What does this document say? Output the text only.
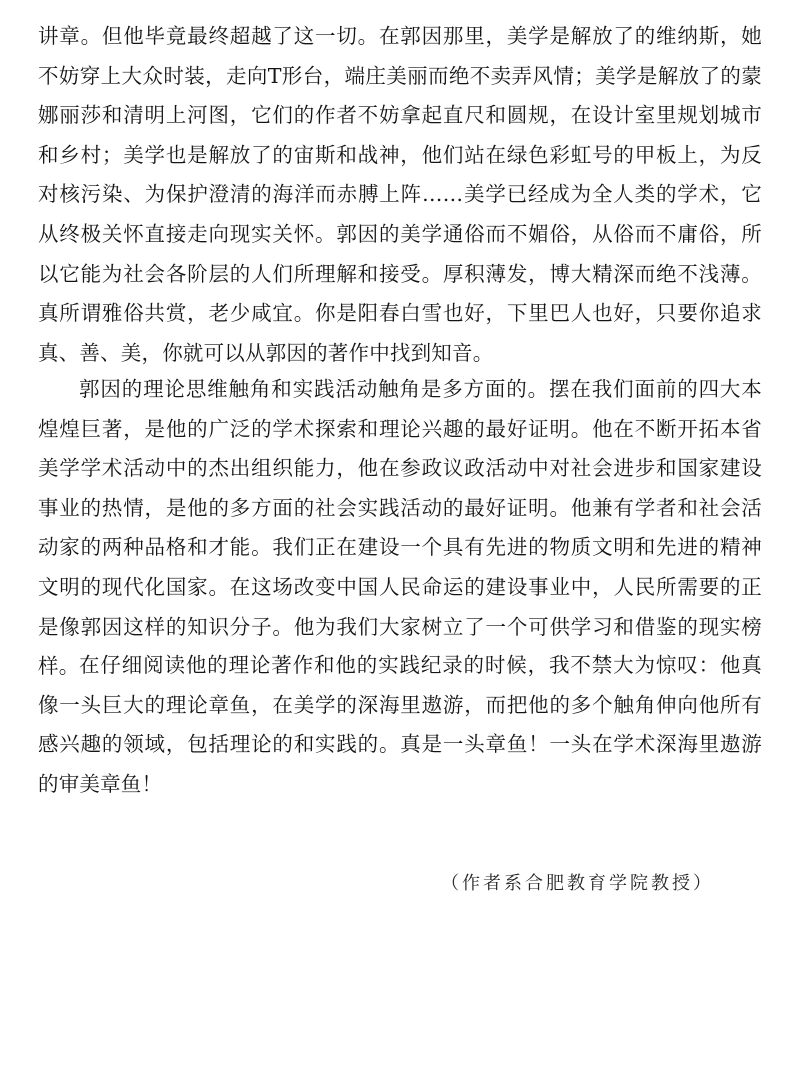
讲章。但他毕竟最终超越了这一切。在郭因那里，美学是解放了的维纳斯，她不妨穿上大众时装，走向T形台，端庄美丽而绝不卖弄风情；美学是解放了的蒙娜丽莎和清明上河图，它们的作者不妨拿起直尺和圆规，在设计室里规划城市和乡村；美学也是解放了的宙斯和战神，他们站在绿色彩虹号的甲板上，为反对核污染、为保护澄清的海洋而赤膊上阵……美学已经成为全人类的学术，它从终极关怀直接走向现实关怀。郭因的美学通俗而不媚俗，从俗而不庸俗，所以它能为社会各阶层的人们所理解和接受。厚积薄发，博大精深而绝不浅薄。真所谓雅俗共赏，老少咸宜。你是阳春白雪也好，下里巴人也好，只要你追求真、善、美，你就可以从郭因的著作中找到知音。

郭因的理论思维触角和实践活动触角是多方面的。摆在我们面前的四大本煌煌巨著，是他的广泛的学术探索和理论兴趣的最好证明。他在不断开拓本省美学学术活动中的杰出组织能力，他在参政议政活动中对社会进步和国家建设事业的热情，是他的多方面的社会实践活动的最好证明。他兼有学者和社会活动家的两种品格和才能。我们正在建设一个具有先进的物质文明和先进的精神文明的现代化国家。在这场改变中国人民命运的建设事业中，人民所需要的正是像郭因这样的知识分子。他为我们大家树立了一个可供学习和借鉴的现实榜样。 在仔细阅读他的理论著作和他的实践纪录的时候，我不禁大为惊叹：他真像一头巨大的理论章鱼，在美学的深海里遨游，而把他的多个触角伸向他所有感兴趣的领域，包括理论的和实践的。真是一头章鱼！一头在学术深海里遨游的审美章鱼！

（作者系合肥教育学院教授）
